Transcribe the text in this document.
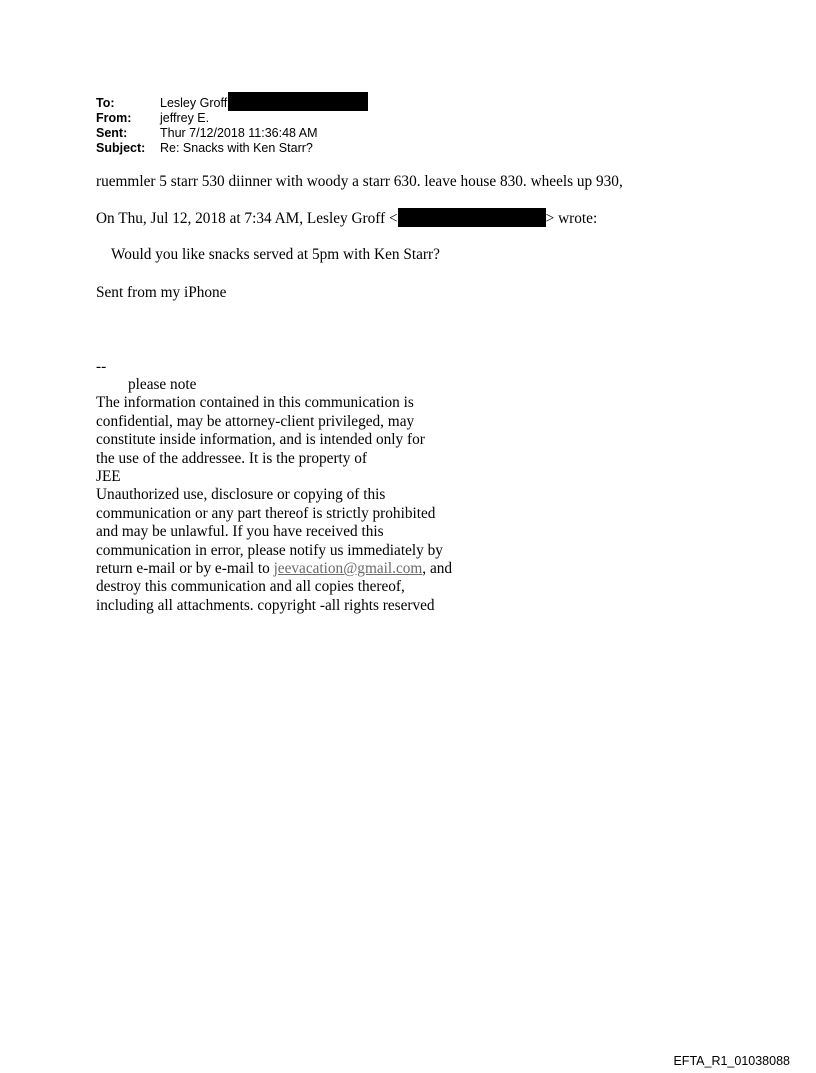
To:	Lesley Groff
From:	jeffrey E.
Sent:	Thur 7/12/2018 11:36:48 AM
Subject:	Re: Snacks with Ken Starr?
ruemmler 5 starr 530 diinner with woody a starr 630. leave house 830. wheels up 930,
On Thu, Jul 12, 2018 at 7:34 AM, Lesley Groff <	> wrote:
Would you like snacks served at 5pm with Ken Starr?
Sent from my iPhone
--
please note
The information contained in this communication is
confidential, may be attorney-client privileged, may
constitute inside information, and is intended only for
the use of the addressee. It is the property of
JEE
Unauthorized use, disclosure or copying of this
communication or any part thereof is strictly prohibited
and may be unlawful. If you have received this
communication in error, please notify us immediately by
return e-mail or by e-mail to jeevacation@gmail.com, and
destroy this communication and all copies thereof,
including all attachments. copyright -all rights reserved
EFTA_R1_01038088
